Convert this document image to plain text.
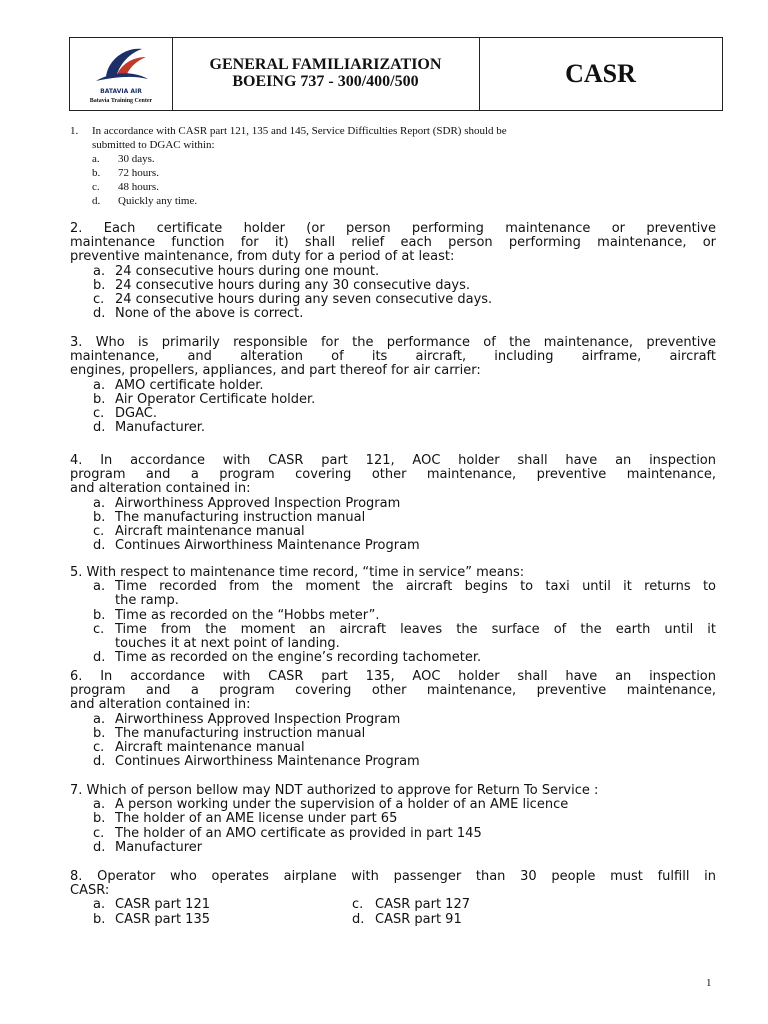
BATAVIA AIR
Batavia Training Center
GENERAL FAMILIARIZATION
BOEING 737 - 300/400/500	CASR
1. In accordance with CASR part 121, 135 and 145, Service Difficulties Report (SDR) should be
submitted to DGAC within:
a. 30 days.
b. 72 hours.
c. 48 hours.
d. Quickly any time.
2. Each certificate holder (or person performing maintenance or preventive
maintenance function for it) shall relief each person performing maintenance, or
preventive maintenance, from duty for a period of at least:
a. 24 consecutive hours during one mount.
b. 24 consecutive hours during any 30 consecutive days.
c. 24 consecutive hours during any seven consecutive days.
d. None of the above is correct.
3. Who is primarily responsible for the performance of the maintenance, preventive
maintenance, and alteration of its aircraft, including airframe, aircraft
engines, propellers, appliances, and part thereof for air carrier:
a. AMO certificate holder.
b. Air Operator Certificate holder.
c. DGAC.
d. Manufacturer.
4. In accordance with CASR part 121, AOC holder shall have an inspection
program and a program covering other maintenance, preventive maintenance,
and alteration contained in:
a. Airworthiness Approved Inspection Program
b. The manufacturing instruction manual
c. Aircraft maintenance manual
d. Continues Airworthiness Maintenance Program
5. With respect to maintenance time record, “time in service” means:
a. Time recorded from the moment the aircraft begins to taxi until it returns to
the ramp.
b. Time as recorded on the “Hobbs meter”.
c. Time from the moment an aircraft leaves the surface of the earth until it
touches it at next point of landing.
d. Time as recorded on the engine’s recording tachometer.
6. In accordance with CASR part 135, AOC holder shall have an inspection
program and a program covering other maintenance, preventive maintenance,
and alteration contained in:
a. Airworthiness Approved Inspection Program
b. The manufacturing instruction manual
c. Aircraft maintenance manual
d. Continues Airworthiness Maintenance Program
7. Which of person bellow may NDT authorized to approve for Return To Service :
a. A person working under the supervision of a holder of an AME licence
b. The holder of an AME license under part 65
c. The holder of an AMO certificate as provided in part 145
d. Manufacturer
8. Operator who operates airplane with passenger than 30 people must fulfill in
CASR:
a. CASR part 121	c. CASR part 127
b. CASR part 135	d. CASR part 91
1
